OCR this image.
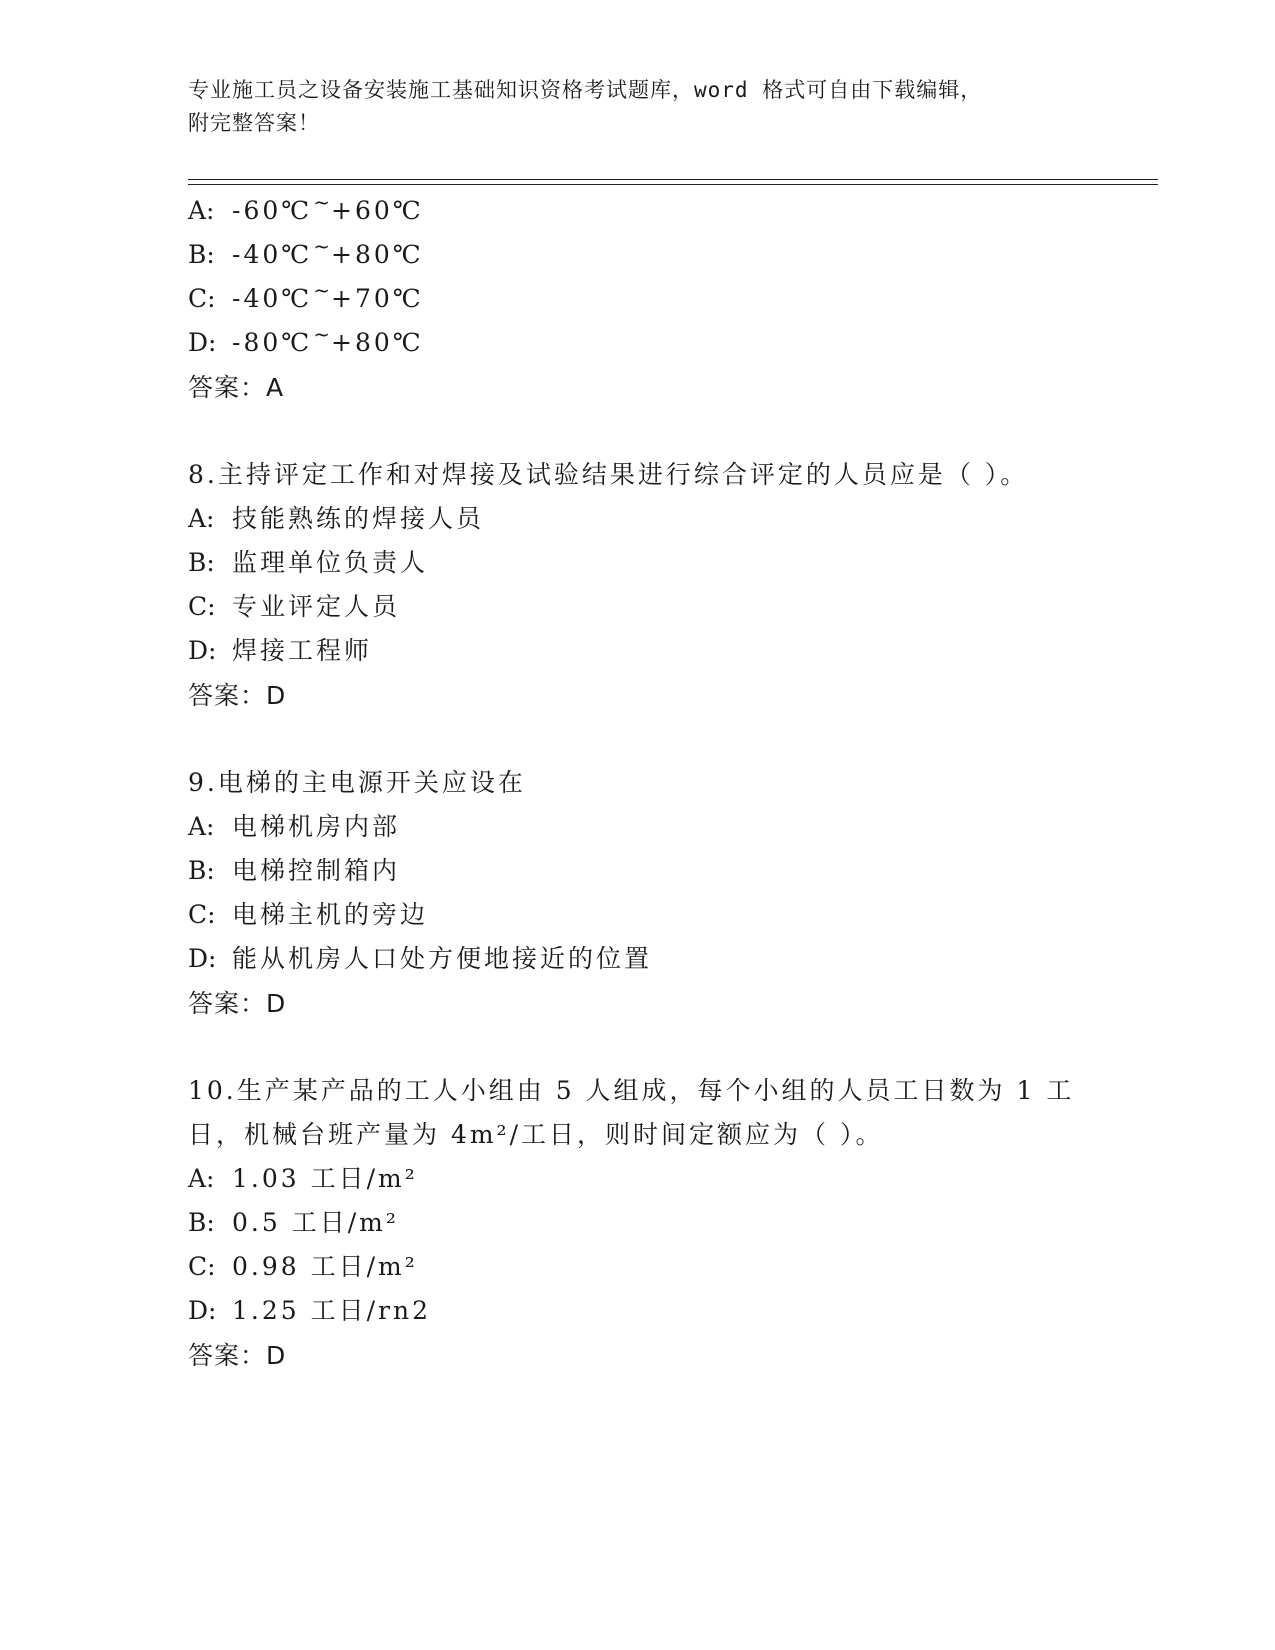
专业施工员之设备安装施工基础知识资格考试题库，word 格式可自由下载编辑，
附完整答案！
A: -60℃~+60℃
B: -40℃~+80℃
C: -40℃~+70℃
D: -80℃~+80℃
答案：A
8.主持评定工作和对焊接及试验结果进行综合评定的人员应是（ ）。
A: 技能熟练的焊接人员
B: 监理单位负责人
C: 专业评定人员
D: 焊接工程师
答案：D
9.电梯的主电源开关应设在
A: 电梯机房内部
B: 电梯控制箱内
C: 电梯主机的旁边
D: 能从机房人口处方便地接近的位置
答案：D
10.生产某产品的工人小组由 5 人组成，每个小组的人员工日数为 1 工
日，机械台班产量为 4m²/工日，则时间定额应为（ ）。
A: 1.03 工日/m²
B: 0.5 工日/m²
C: 0.98 工日/m²
D: 1.25 工日/rn2
答案：D
